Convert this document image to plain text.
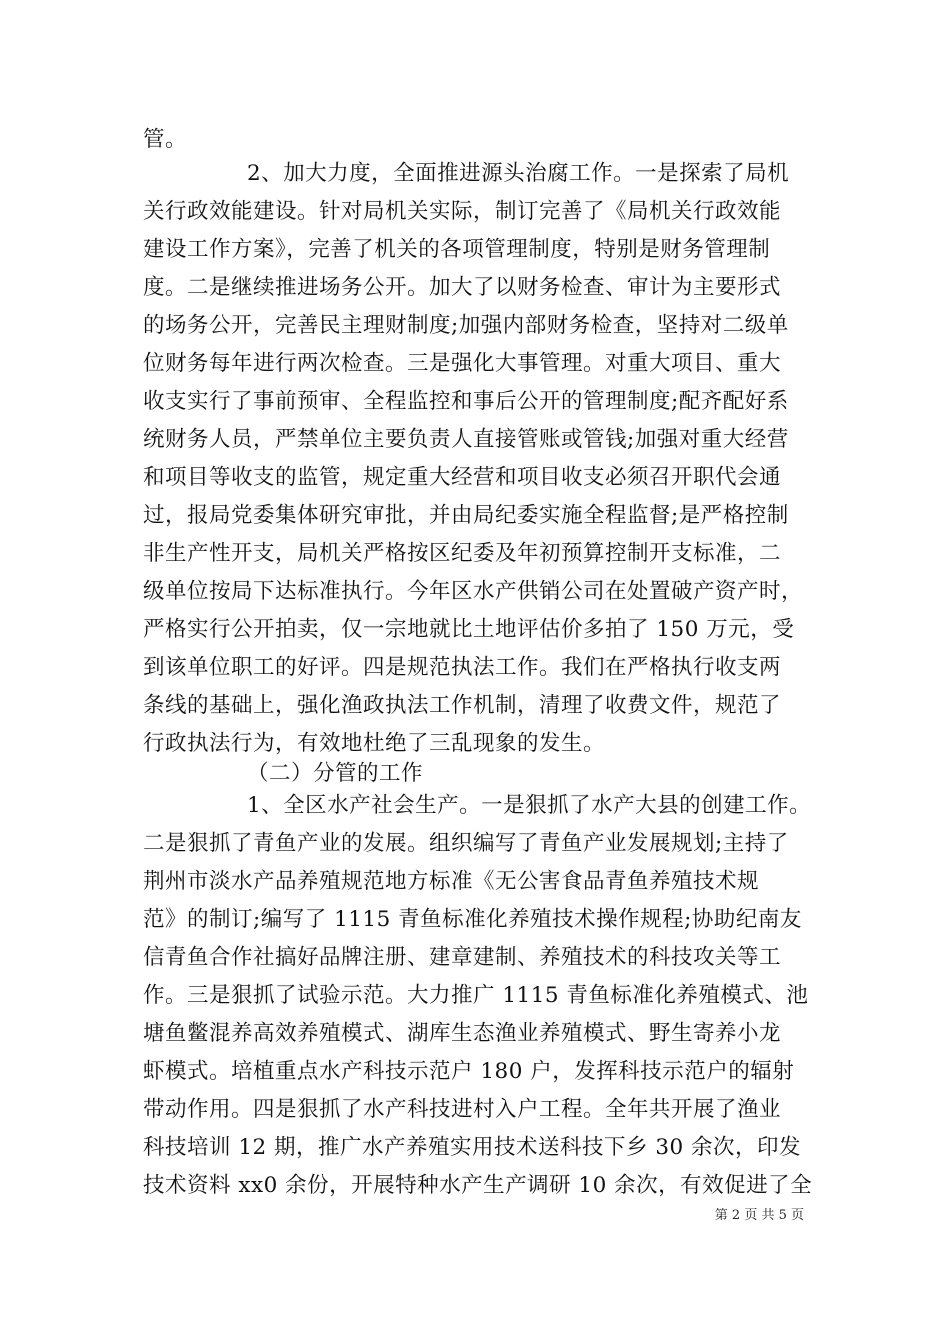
管。
2、加大力度，全面推进源头治腐工作。一是探索了局机
关行政效能建设。针对局机关实际，制订完善了《局机关行政效能
建设工作方案》，完善了机关的各项管理制度，特别是财务管理制
度。二是继续推进场务公开。加大了以财务检查、审计为主要形式
的场务公开，完善民主理财制度;加强内部财务检查，坚持对二级单
位财务每年进行两次检查。三是强化大事管理。对重大项目、重大
收支实行了事前预审、全程监控和事后公开的管理制度;配齐配好系
统财务人员，严禁单位主要负责人直接管账或管钱;加强对重大经营
和项目等收支的监管，规定重大经营和项目收支必须召开职代会通
过，报局党委集体研究审批，并由局纪委实施全程监督;是严格控制
非生产性开支，局机关严格按区纪委及年初预算控制开支标准，二
级单位按局下达标准执行。今年区水产供销公司在处置破产资产时，
严格实行公开拍卖，仅一宗地就比土地评估价多拍了 150 万元，受
到该单位职工的好评。四是规范执法工作。我们在严格执行收支两
条线的基础上，强化渔政执法工作机制，清理了收费文件，规范了
行政执法行为，有效地杜绝了三乱现象的发生。
（二）分管的工作
1、全区水产社会生产。一是狠抓了水产大县的创建工作。
二是狠抓了青鱼产业的发展。组织编写了青鱼产业发展规划;主持了
荆州市淡水产品养殖规范地方标准《无公害食品青鱼养殖技术规
范》的制订;编写了 1115 青鱼标准化养殖技术操作规程;协助纪南友
信青鱼合作社搞好品牌注册、建章建制、养殖技术的科技攻关等工
作。三是狠抓了试验示范。大力推广 1115 青鱼标准化养殖模式、池
塘鱼鳖混养高效养殖模式、湖库生态渔业养殖模式、野生寄养小龙
虾模式。培植重点水产科技示范户 180 户，发挥科技示范户的辐射
带动作用。四是狠抓了水产科技进村入户工程。全年共开展了渔业
科技培训 12 期，推广水产养殖实用技术送科技下乡 30 余次，印发
技术资料 xx0 余份，开展特种水产生产调研 10 余次，有效促进了全
第 2 页 共 5 页
